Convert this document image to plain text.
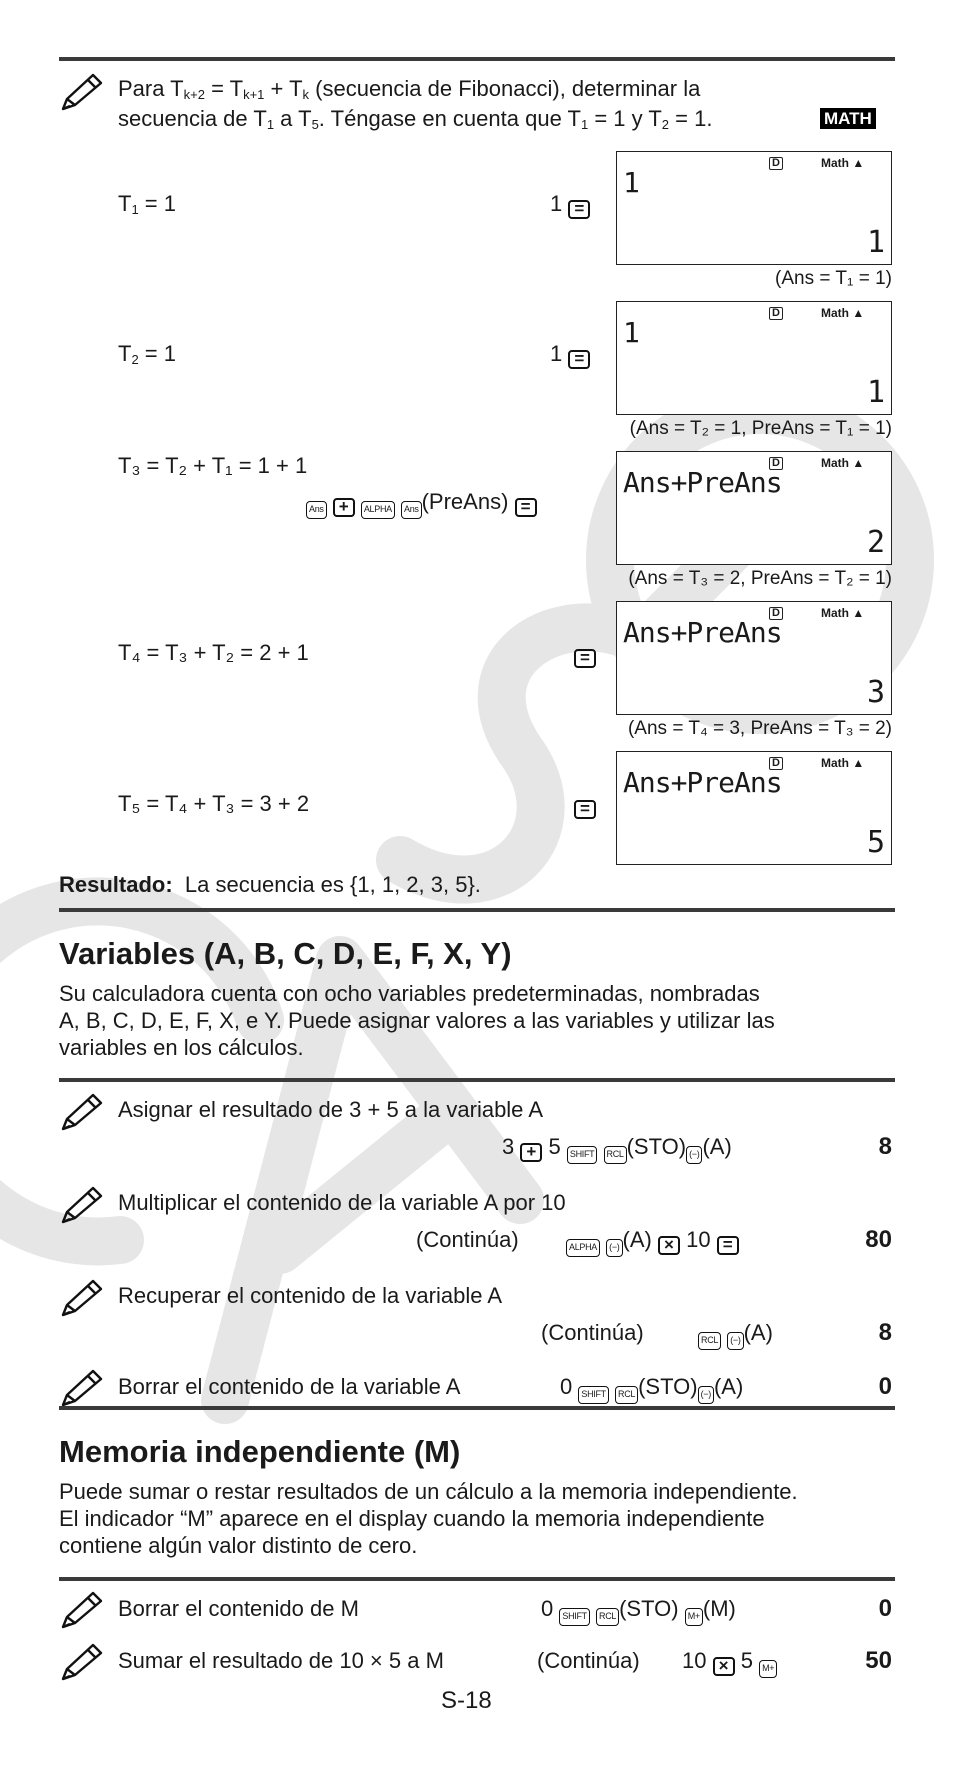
Para $T_{k+2} = T_{k+1} + T_k$ (secuencia de Fibonacci), determinar la
secuencia de $T_1$ a $T_5$. Téngase en cuenta que $T_1 = 1$ y $T_2 = 1$.	MATH
$T_1 = 1$	1 =
D	Math ▲
1
1
(Ans = T₁ = 1)
$T_2 = 1$	1 =
D	Math ▲
1
1
(Ans = T₂ = 1, PreAns = T₁ = 1)
T₃ = T₂ + T₁ = 1 + 1
Ans + ALPHA Ans (PreAns) =
D	Math ▲
Ans+PreAns
2
(Ans = T₃ = 2, PreAns = T₂ = 1)
T₄ = T₃ + T₂ = 2 + 1	=
D	Math ▲
Ans+PreAns
3
(Ans = T₄ = 3, PreAns = T₃ = 2)
T₅ = T₄ + T₃ = 3 + 2	=
D	Math ▲
Ans+PreAns
5
Resultado: La secuencia es {1, 1, 2, 3, 5}.
Variables (A, B, C, D, E, F, X, Y)
Su calculadora cuenta con ocho variables predeterminadas, nombradas
A, B, C, D, E, F, X, e Y. Puede asignar valores a las variables y utilizar las
variables en los cálculos.
Asignar el resultado de 3 + 5 a la variable A
3 + 5 SHIFT RCL (STO) (−) (A)	8
Multiplicar el contenido de la variable A por 10
(Continúa)	ALPHA (−) (A) × 10 =	80
Recuperar el contenido de la variable A
(Continúa)	RCL (−) (A)	8
Borrar el contenido de la variable A	0 SHIFT RCL (STO) (−) (A)	0
Memoria independiente (M)
Puede sumar o restar resultados de un cálculo a la memoria independiente.
El indicador “M” aparece en el display cuando la memoria independiente
contiene algún valor distinto de cero.
Borrar el contenido de M	0 SHIFT RCL (STO) M+ (M)	0
Sumar el resultado de 10 × 5 a M	(Continúa) 10 × 5 M+	50
S-18
